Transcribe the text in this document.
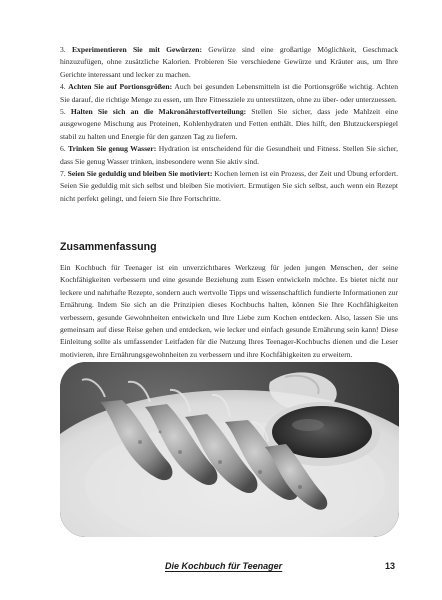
3. Experimentieren Sie mit Gewürzen: Gewürze sind eine großartige Möglichkeit, Geschmack hinzuzufügen, ohne zusätzliche Kalorien. Probieren Sie verschiedene Gewürze und Kräuter aus, um Ihre Gerichte interessant und lecker zu machen.

4. Achten Sie auf Portionsgrößen: Auch bei gesunden Lebensmitteln ist die Portionsgröße wichtig. Achten Sie darauf, die richtige Menge zu essen, um Ihre Fitnessziele zu unterstützen, ohne zu über- oder unterzuessen.

5. Halten Sie sich an die Makronährstoffverteilung: Stellen Sie sicher, dass jede Mahlzeit eine ausgewogene Mischung aus Proteinen, Kohlenhydraten und Fetten enthält. Dies hilft, den Blutzuckerspiegel stabil zu halten und Energie für den ganzen Tag zu liefern.

6. Trinken Sie genug Wasser: Hydration ist entscheidend für die Gesundheit und Fitness. Stellen Sie sicher, dass Sie genug Wasser trinken, insbesondere wenn Sie aktiv sind.

7. Seien Sie geduldig und bleiben Sie motiviert: Kochen lernen ist ein Prozess, der Zeit und Übung erfordert. Seien Sie geduldig mit sich selbst und bleiben Sie motiviert. Ermutigen Sie sich selbst, auch wenn ein Rezept nicht perfekt gelingt, und feiern Sie Ihre Fortschritte.

Zusammenfassung

Ein Kochbuch für Teenager ist ein unverzichtbares Werkzeug für jeden jungen Menschen, der seine Kochfähigkeiten verbessern und eine gesunde Beziehung zum Essen entwickeln möchte. Es bietet nicht nur leckere und nahrhafte Rezepte, sondern auch wertvolle Tipps und wissenschaftlich fundierte Informationen zur Ernährung. Indem Sie sich an die Prinzipien dieses Kochbuchs halten, können Sie Ihre Kochfähigkeiten verbessern, gesunde Gewohnheiten entwickeln und Ihre Liebe zum Kochen entdecken. Also, lassen Sie uns gemeinsam auf diese Reise gehen und entdecken, wie lecker und einfach gesunde Ernährung sein kann! Diese Einleitung sollte als umfassender Leitfaden für die Nutzung Ihres Teenager-Kochbuchs dienen und die Leser motivieren, ihre Ernährungsgewohnheiten zu verbessern und ihre Kochfähigkeiten zu erweitern.

Die Kochbuch für Teenager	13
